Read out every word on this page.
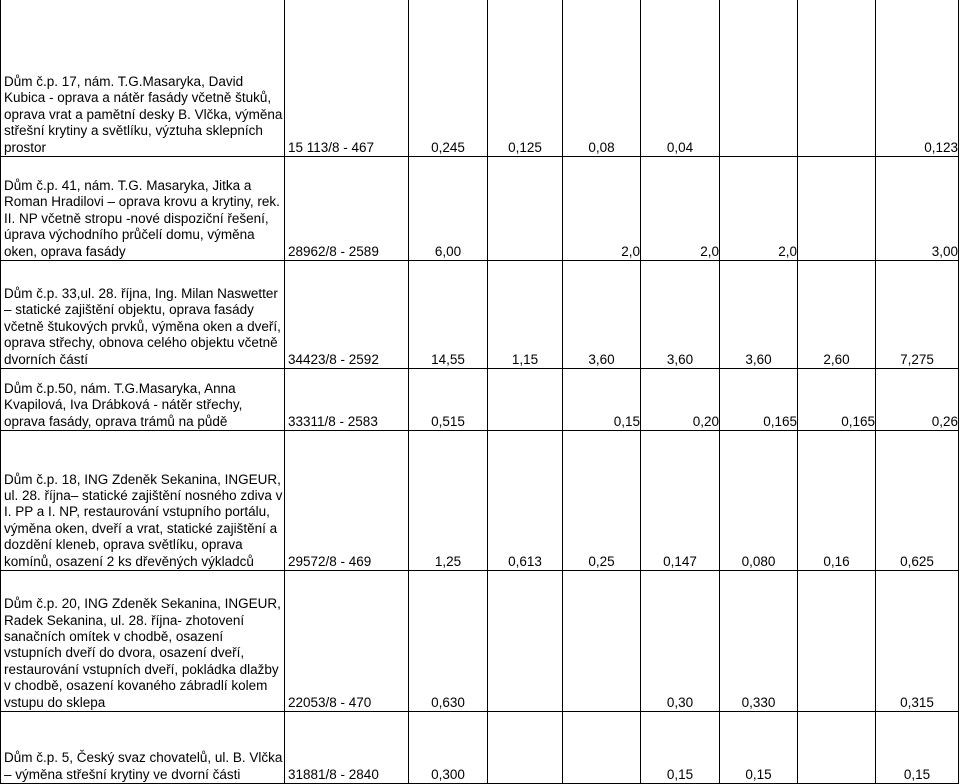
Dům č.p. 17, nám. T.G.Masaryka, David Kubica - oprava a nátěr fasády včetně štuků, oprava vrat a pamětní desky B. Vlčka, výměna střešní krytiny a světlíku, výztuha sklepních prostor	15 113/8 - 467	0,245	0,125	0,08	0,04			0,123
Dům č.p. 41, nám. T.G. Masaryka, Jitka a Roman Hradilovi – oprava krovu a krytiny, rek. II. NP včetně stropu -nové dispoziční řešení, úprava východního průčelí domu, výměna oken, oprava fasády	28962/8 - 2589	6,00		2,0	2,0	2,0		3,00
Dům č.p. 33,ul. 28. října, Ing. Milan Naswetter – statické zajištění objektu, oprava fasády včetně štukových prvků, výměna oken a dveří, oprava střechy, obnova celého objektu včetně dvorních částí	34423/8 - 2592	14,55	1,15	3,60	3,60	3,60	2,60	7,275
Dům č.p.50, nám. T.G.Masaryka, Anna Kvapilová, Iva Drábková - nátěr střechy, oprava fasády, oprava trámů na půdě	33311/8 - 2583	0,515		0,15	0,20	0,165	0,165	0,26
Dům č.p. 18, ING Zdeněk Sekanina, INGEUR, ul. 28. října– statické zajištění nosného zdiva v I. PP a I. NP, restaurování vstupního portálu, výměna oken, dveří a vrat, statické zajištění a dozdění kleneb, oprava světlíku, oprava komínů, osazení 2 ks dřevěných výkladců	29572/8 - 469	1,25	0,613	0,25	0,147	0,080	0,16	0,625
Dům č.p. 20, ING Zdeněk Sekanina, INGEUR, Radek Sekanina, ul. 28. října- zhotovení sanačních omítek v chodbě, osazení vstupních dveří do dvora, osazení dveří, restaurování vstupních dveří, pokládka dlažby v chodbě, osazení kovaného zábradlí kolem vstupu do sklepa	22053/8 - 470	0,630			0,30	0,330		0,315
Dům č.p. 5, Český svaz chovatelů, ul. B. Vlčka – výměna střešní krytiny ve dvorní části	31881/8 - 2840	0,300			0,15	0,15		0,15
